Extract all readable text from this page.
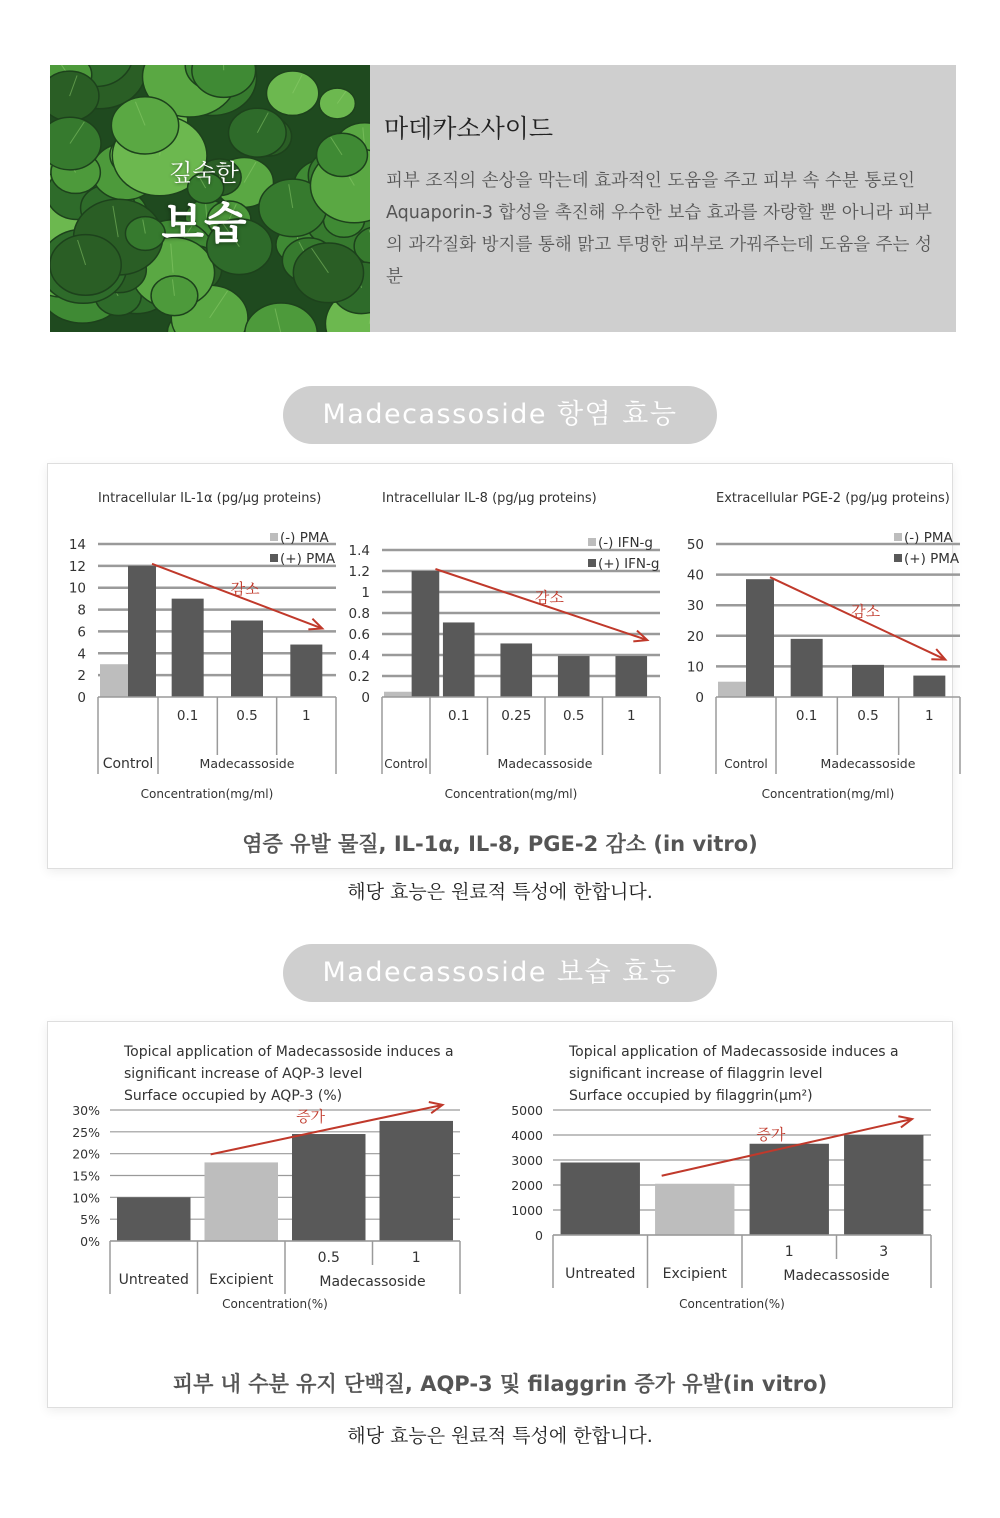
깊숙한
보습
마데카소사이드
피부 조직의 손상을 막는데 효과적인 도움을 주고 피부 속 수분 통로인 Aquaporin-3 합성을 촉진해 우수한 보습 효과를 자랑할 뿐 아니라 피부의 과각질화 방지를 통해 맑고 투명한 피부로 가꿔주는데 도움을 주는 성분
Madecassoside 항염 효능
Intracellular IL-1α (pg/μg proteins)
0
2
4
6
8
10
12
14
0.1	0.5	1
Control	Madecassoside
Concentration(mg/ml)
(-) PMA
(+) PMA
감소
Intracellular IL-8 (pg/μg proteins)
0
0.2
0.4
0.6
0.8
1
1.2
1.4
0.1 0.25 0.5	1
Control	Madecassoside
Concentration(mg/ml)
(-) IFN-g
(+) IFN-g
감소
Extracellular PGE-2 (pg/μg proteins)
0
10
20
30
40
50
0.1	0.5	1
Control	Madecassoside
Concentration(mg/ml)
(-) PMA
(+) PMA
감소
염증 유발 물질, IL-1α, IL-8, PGE-2 감소 (in vitro)
해당 효능은 원료적 특성에 한합니다.
Madecassoside 보습 효능
Topical application of Madecassoside induces a
significant increase of AQP-3 level
Surface occupied by AQP-3 (%)
0%
5%
10%
15%
20%
25%
30%
Untreated Excipient
0.5	1
Madecassoside
Concentration(%)
증가
Topical application of Madecassoside induces a
significant increase of filaggrin level
Surface occupied by filaggrin(μm²)
0
1000
2000
3000
4000
5000
Untreated Excipient
1	3
Madecassoside
Concentration(%)
증가
피부 내 수분 유지 단백질, AQP-3 및 filaggrin 증가 유발(in vitro)
해당 효능은 원료적 특성에 한합니다.
